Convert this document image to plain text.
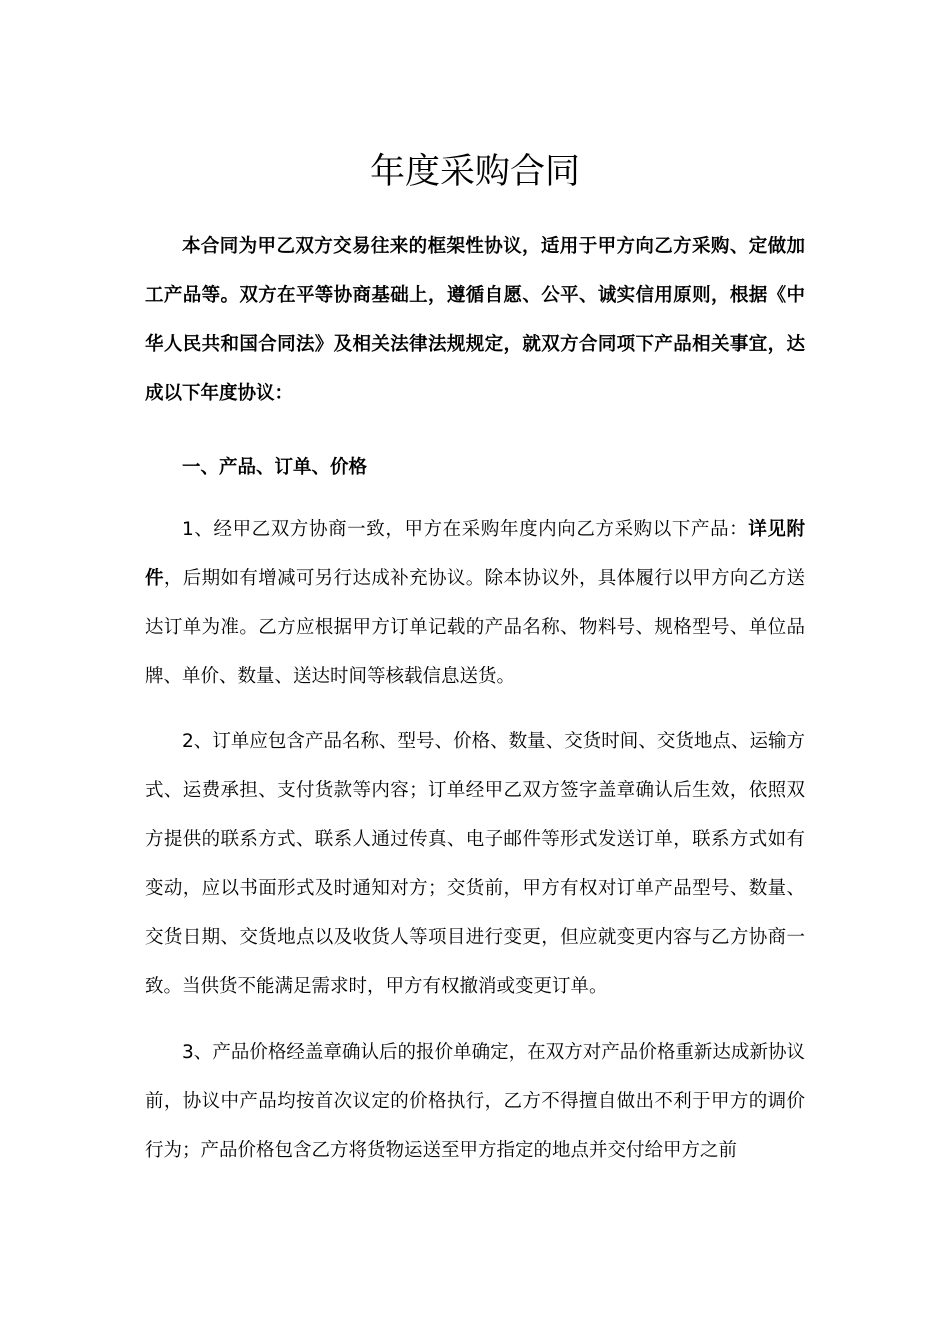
年度采购合同

本合同为甲乙双方交易往来的框架性协议，适用于甲方向乙方采购、定做加工产品等。双方在平等协商基础上，遵循自愿、公平、诚实信用原则，根据《中华人民共和国合同法》及相关法律法规规定，就双方合同项下产品相关事宜，达成以下年度协议：

一、产品、订单、价格

1、经甲乙双方协商一致，甲方在采购年度内向乙方采购以下产品：详见附件，后期如有增减可另行达成补充协议。除本协议外，具体履行以甲方向乙方送达订单为准。乙方应根据甲方订单记载的产品名称、物料号、规格型号、单位品牌、单价、数量、送达时间等核载信息送货。

2、订单应包含产品名称、型号、价格、数量、交货时间、交货地点、运输方式、运费承担、支付货款等内容；订单经甲乙双方签字盖章确认后生效，依照双方提供的联系方式、联系人通过传真、电子邮件等形式发送订单，联系方式如有变动，应以书面形式及时通知对方；交货前，甲方有权对订单产品型号、数量、交货日期、交货地点以及收货人等项目进行变更，但应就变更内容与乙方协商一致。当供货不能满足需求时，甲方有权撤消或变更订单。

3、产品价格经盖章确认后的报价单确定，在双方对产品价格重新达成新协议前，协议中产品均按首次议定的价格执行，乙方不得擅自做出不利于甲方的调价行为；产品价格包含乙方将货物运送至甲方指定的地点并交付给甲方之前
